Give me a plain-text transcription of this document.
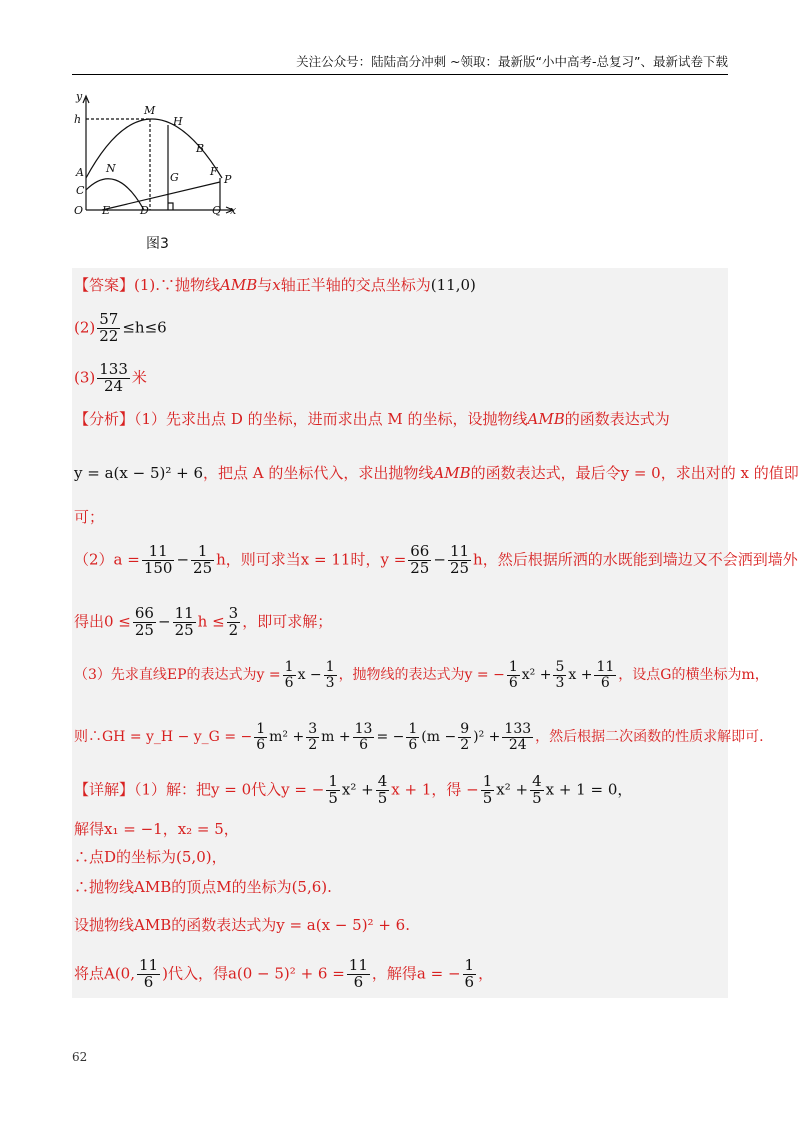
关注公众号：陆陆高分冲刺 ~领取：最新版“小中高考-总复习”、最新试卷下载
y
h
M
H
B
A N
C
G	F
P
O E	D	Q x
图3
【答案】(1).∵抛物线AMB与x轴正半轴的交点坐标为(11,0)
$(2) \frac{57}{22} \le h\le 6$
$(3) \frac{133}{24}$ 米
【分析】（1）先求出点 D 的坐标，进而求出点 M 的坐标，设抛物线AMB的函数表达式为
y = a(x − 5)² + 6，把点 A 的坐标代入，求出抛物线AMB的函数表达式，最后令y = 0，求出对的 x 的值即
可；
$(2)a = \frac{11}{150} - \frac{1}{25}$ h，则可求当x = 11时，$y = \frac{66}{25} - \frac{11}{25}$ h，然后根据所洒的水既能到墙边又不会洒到墙外
得出$0 \le \frac{66}{25} - \frac{11}{25}$ $h \le \frac{3}{2}$ ，即可求解；
（3）先求直线EP的表达式为$y = \frac{1}{6}$ $x - \frac{1}{3}$ ，抛物线的表达式为y = − $\frac{1}{6} x^2 + \frac{5}{3}$ $x + \frac{11}{6}$ ，设点G的横坐标为m，
则∴GH = y_H − y_G = − $\frac{1}{6} m^2 + \frac{3}{2}$ $m + \frac{13}{6}$ = − $\frac{1}{6} (m - \frac{9}{2} )^2 + \frac{133}{24}$ ，然后根据二次函数的性质求解即可.
【详解】（1）解：把y = 0代入y = − $\frac{1}{5} x^2 + \frac{4}{5}$ x + 1，得 − $\frac{1}{5} x^2 + \frac{4}{5}$ x + 1 = 0，
解得x₁ = −1，x₂ = 5，
∴点D的坐标为(5,0)，
∴抛物线AMB的顶点M的坐标为(5,6).
设抛物线AMB的函数表达式为y = a(x − 5)² + 6.
将点A(0, $\frac{11}{6}$ )代入，得$a(0 - 5)^2 + 6 = \frac{11}{6}$ ，解得a = − $\frac{1}{6}$ ，
62
